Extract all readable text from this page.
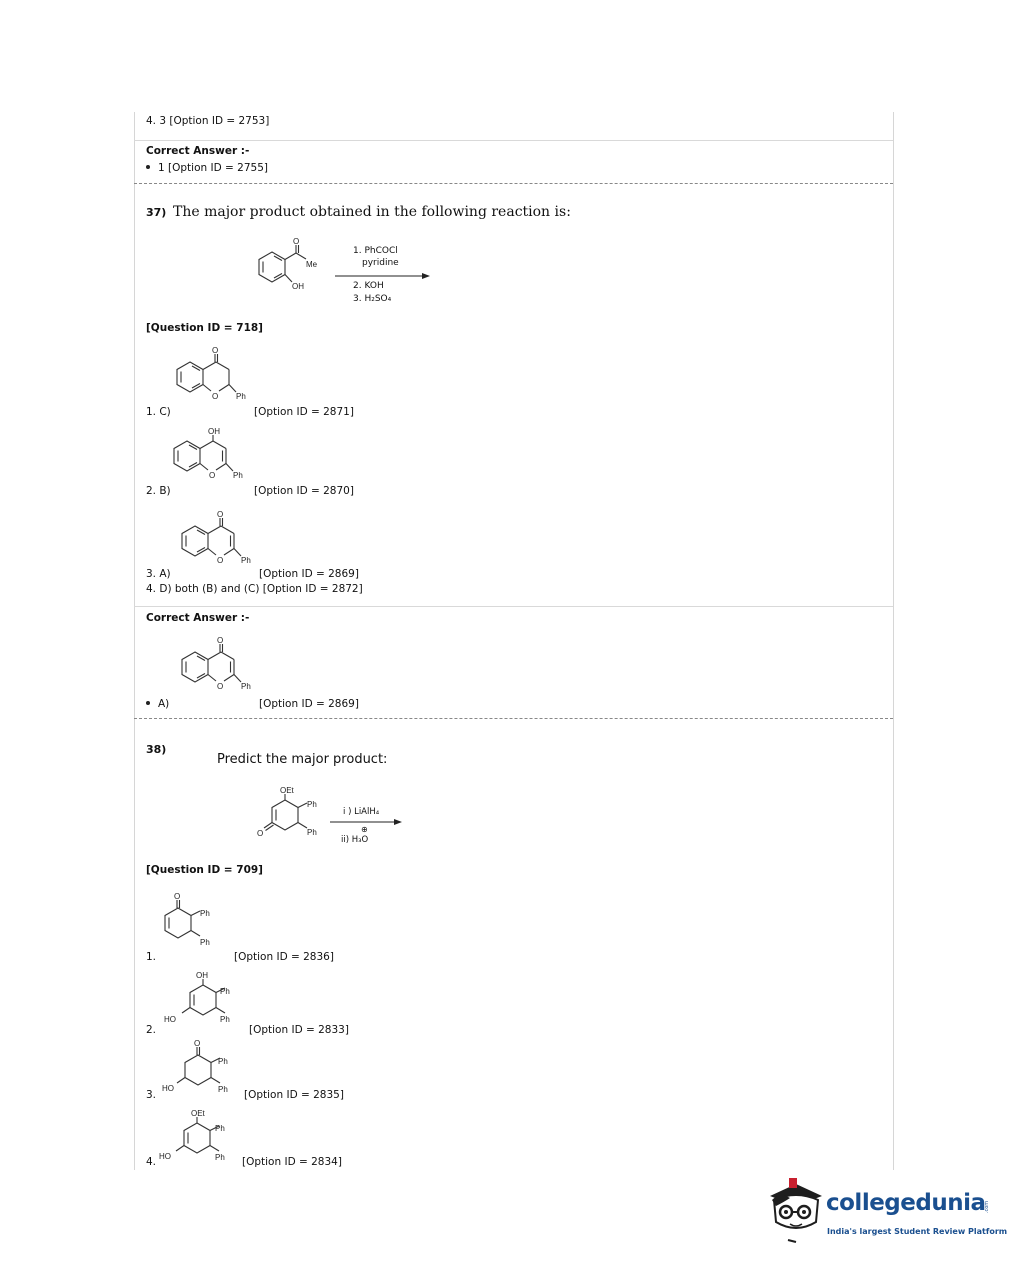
4. 3 [Option ID = 2753]
Correct Answer :-
1 [Option ID = 2755]
37) The major product obtained in the following reaction is:
O
Me
OH
1. PhCOCl
pyridine
2. KOH
3. H₂SO₄
[Question ID = 718]
O
O Ph
1. C)	[Option ID = 2871]
OH
O Ph
2. B)	[Option ID = 2870]
O
O Ph
3. A)	[Option ID = 2869]
4. D) both (B) and (C) [Option ID = 2872]
Correct Answer :-
O
O Ph
A)	[Option ID = 2869]
38)
Predict the major product:
OEt
Ph
Ph
O
i ) LiAlH₄
ii) H₃O
⊕
[Question ID = 709]
O
Ph
Ph
1.	[Option ID = 2836]
OH
Ph
Ph
HO
2.	[Option ID = 2833]
O
Ph
Ph
HO
3.	[Option ID = 2835]
OEt
Ph
Ph
HO
4.	[Option ID = 2834]
collegedunia
.com
India's largest Student Review Platform
